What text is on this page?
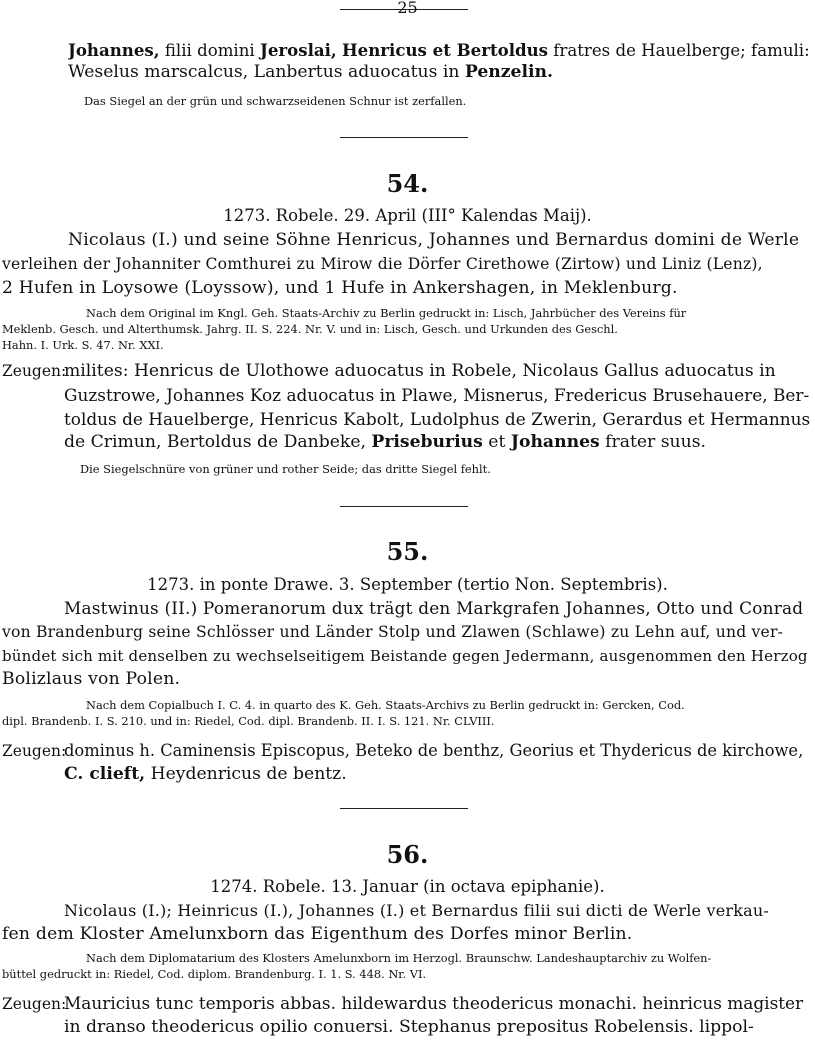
25
Johannes, filii domini Jeroslai, Henricus et Bertoldus fratres de Hauelberge; famuli:
Weselus marscalcus, Lanbertus aduocatus in Penzelin.
Das Siegel an der grün und schwarzseidenen Schnur ist zerfallen.
54.
1273. Robele. 29. April (III° Kalendas Maij).
Nicolaus (I.) und seine Söhne Henricus, Johannes und Bernardus domini de Werle
verleihen der Johanniter Comthurei zu Mirow die Dörfer Cirethowe (Zirtow) und Liniz (Lenz),
2 Hufen in Loysowe (Loyssow), und 1 Hufe in Ankershagen, in Meklenburg.
Nach dem Original im Kngl. Geh. Staats-Archiv zu Berlin gedruckt in: Lisch, Jahrbücher des Vereins für
Meklenb. Gesch. und Alterthumsk. Jahrg. II. S. 224. Nr. V. und in: Lisch, Gesch. und Urkunden des Geschl.
Hahn. I. Urk. S. 47. Nr. XXI.
Zeugen:milites: Henricus de Ulothowe aduocatus in Robele, Nicolaus Gallus aduocatus in
Guzstrowe, Johannes Koz aduocatus in Plawe, Misnerus, Fredericus Brusehauere, Ber-
toldus de Hauelberge, Henricus Kabolt, Ludolphus de Zwerin, Gerardus et Hermannus
de Crimun, Bertoldus de Danbeke, Priseburius et Johannes frater suus.
Die Siegelschnüre von grüner und rother Seide; das dritte Siegel fehlt.
55.
1273. in ponte Drawe. 3. September (tertio Non. Septembris).
Mastwinus (II.) Pomeranorum dux trägt den Markgrafen Johannes, Otto und Conrad
von Brandenburg seine Schlösser und Länder Stolp und Zlawen (Schlawe) zu Lehn auf, und ver-
bündet sich mit denselben zu wechselseitigem Beistande gegen Jedermann, ausgenommen den Herzog
Bolizlaus von Polen.
Nach dem Copialbuch I. C. 4. in quarto des K. Geh. Staats-Archivs zu Berlin gedruckt in: Gercken, Cod.
dipl. Brandenb. I. S. 210. und in: Riedel, Cod. dipl. Brandenb. II. I. S. 121. Nr. CLVIII.
Zeugen:dominus h. Caminensis Episcopus, Beteko de benthz, Georius et Thydericus de kirchowe,
C. clieft, Heydenricus de bentz.
56.
1274. Robele. 13. Januar (in octava epiphanie).
Nicolaus (I.); Heinricus (I.), Johannes (I.) et Bernardus filii sui dicti de Werle verkau-
fen dem Kloster Amelunxborn das Eigenthum des Dorfes minor Berlin.
Nach dem Diplomatarium des Klosters Amelunxborn im Herzogl. Braunschw. Landeshauptarchiv zu Wolfen-
büttel gedruckt in: Riedel, Cod. diplom. Brandenburg. I. 1. S. 448. Nr. VI.
Zeugen:Mauricius tunc temporis abbas. hildewardus theodericus monachi. heinricus magister
in dranso theodericus opilio conuersi. Stephanus prepositus Robelensis. lippol-
